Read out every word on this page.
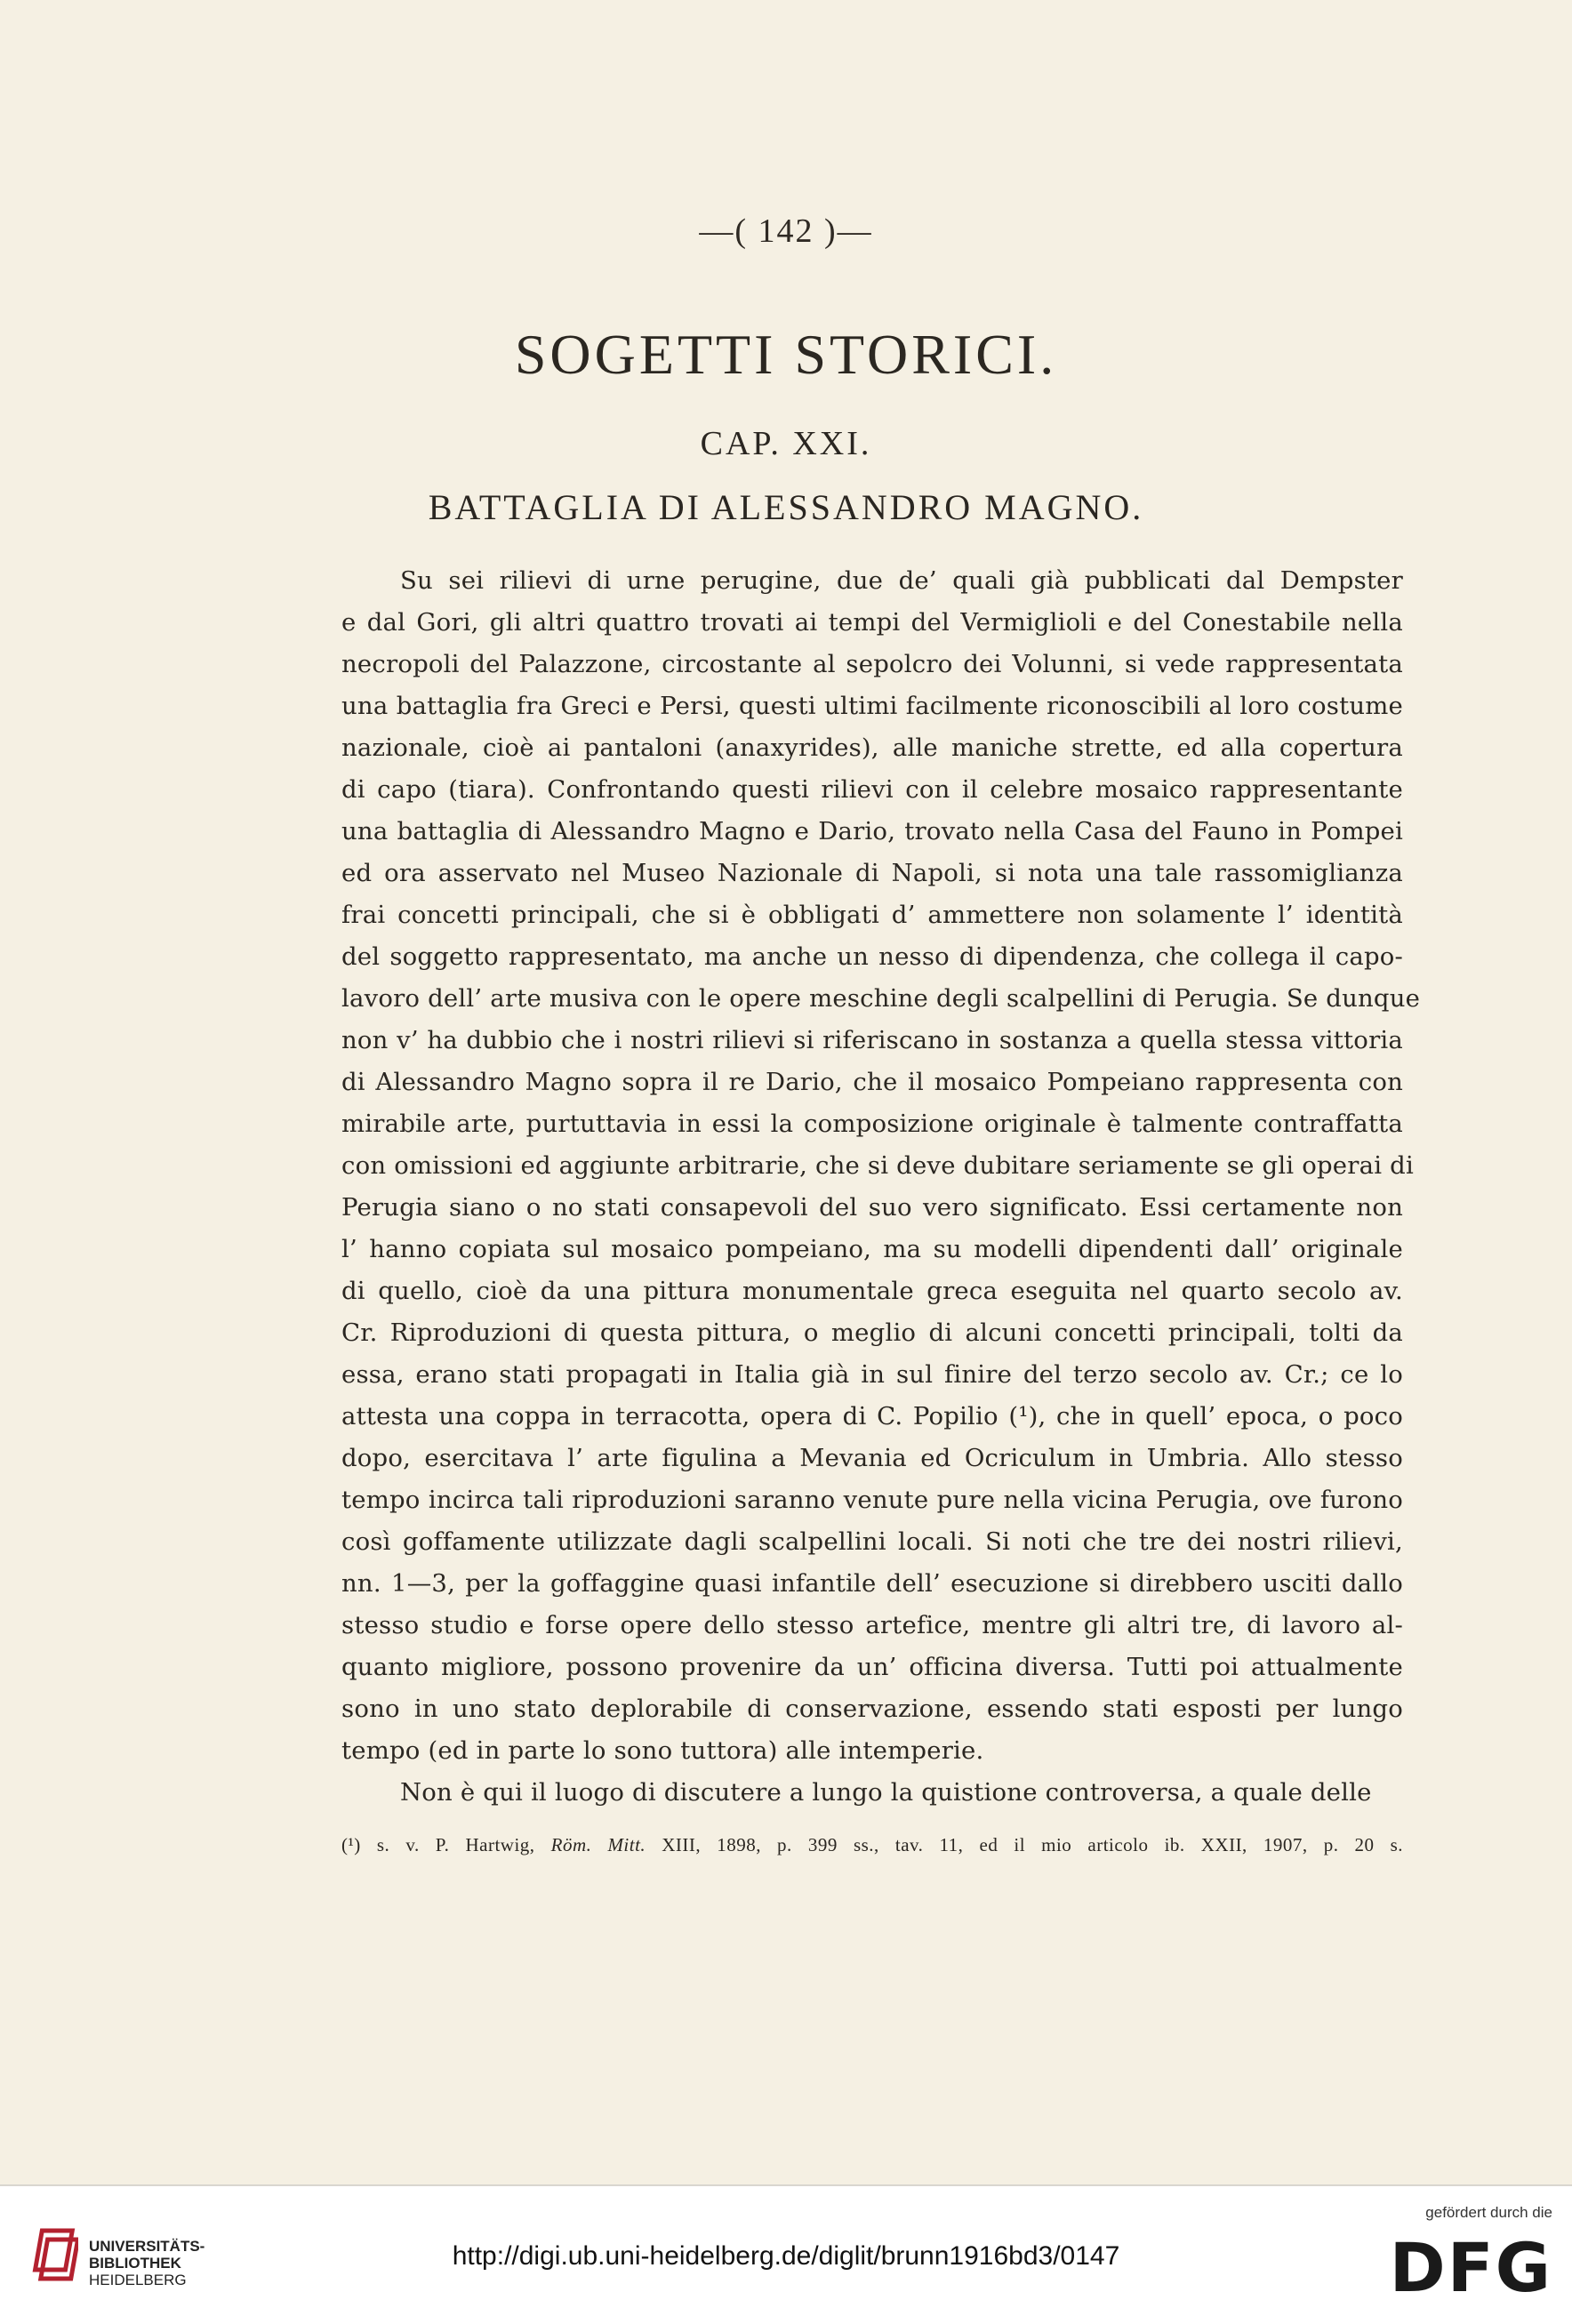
—( 142 )—
SOGETTI STORICI.
CAP. XXI.
BATTAGLIA DI ALESSANDRO MAGNO.
Su sei rilievi di urne perugine, due de’ quali già pubblicati dal Dempster
e dal Gori, gli altri quattro trovati ai tempi del Vermiglioli e del Conestabile nella
necropoli del Palazzone, circostante al sepolcro dei Volunni, si vede rappresentata
una battaglia fra Greci e Persi, questi ultimi facilmente riconoscibili al loro costume
nazionale, cioè ai pantaloni (anaxyrides), alle maniche strette, ed alla copertura
di capo (tiara). Confrontando questi rilievi con il celebre mosaico rappresentante
una battaglia di Alessandro Magno e Dario, trovato nella Casa del Fauno in Pompei
ed ora asservato nel Museo Nazionale di Napoli, si nota una tale rassomiglianza
frai concetti principali, che si è obbligati d’ ammettere non solamente l’ identità
del soggetto rappresentato, ma anche un nesso di dipendenza, che collega il capo-
lavoro dell’ arte musiva con le opere meschine degli scalpellini di Perugia. Se dunque
non v’ ha dubbio che i nostri rilievi si riferiscano in sostanza a quella stessa vittoria
di Alessandro Magno sopra il re Dario, che il mosaico Pompeiano rappresenta con
mirabile arte, purtuttavia in essi la composizione originale è talmente contraffatta
con omissioni ed aggiunte arbitrarie, che si deve dubitare seriamente se gli operai di
Perugia siano o no stati consapevoli del suo vero significato. Essi certamente non
l’ hanno copiata sul mosaico pompeiano, ma su modelli dipendenti dall’ originale
di quello, cioè da una pittura monumentale greca eseguita nel quarto secolo av.
Cr. Riproduzioni di questa pittura, o meglio di alcuni concetti principali, tolti da
essa, erano stati propagati in Italia già in sul finire del terzo secolo av. Cr.; ce lo
attesta una coppa in terracotta, opera di C. Popilio (¹), che in quell’ epoca, o poco
dopo, esercitava l’ arte figulina a Mevania ed Ocriculum in Umbria. Allo stesso
tempo incirca tali riproduzioni saranno venute pure nella vicina Perugia, ove furono
così goffamente utilizzate dagli scalpellini locali. Si noti che tre dei nostri rilievi,
nn. 1—3, per la goffaggine quasi infantile dell’ esecuzione si direbbero usciti dallo
stesso studio e forse opere dello stesso artefice, mentre gli altri tre, di lavoro al-
quanto migliore, possono provenire da un’ officina diversa. Tutti poi attualmente
sono in uno stato deplorabile di conservazione, essendo stati esposti per lungo
tempo (ed in parte lo sono tuttora) alle intemperie.
Non è qui il luogo di discutere a lungo la quistione controversa, a quale delle
(¹) s. v. P. Hartwig, Röm. Mitt. XIII, 1898, p. 399 ss., tav. 11, ed il mio articolo ib. XXII, 1907, p. 20 s.
UNIVERSITÄTS-
BIBLIOTHEK
HEIDELBERG
http://digi.ub.uni-heidelberg.de/diglit/brunn1916bd3/0147
gefördert durch die
DFG
